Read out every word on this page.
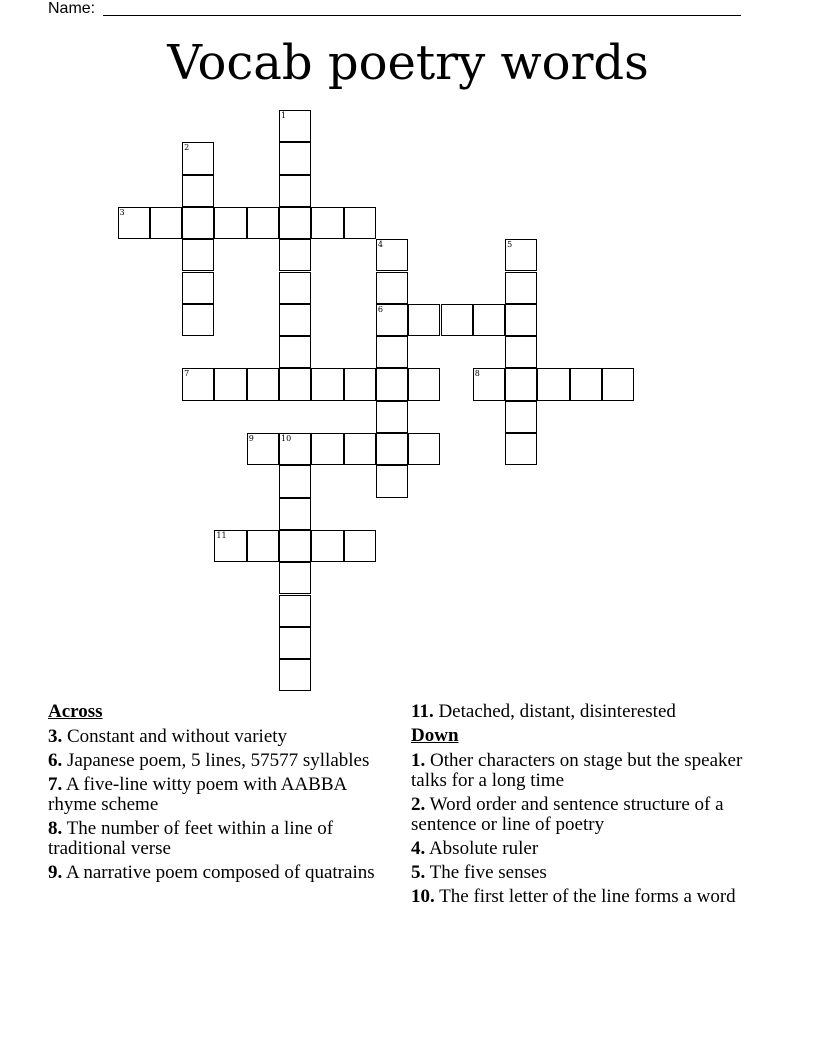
Name:
Vocab poetry words
1
2
3
4
6
5
7	8
9	10
11
Across
3. Constant and without variety
6. Japanese poem, 5 lines, 57577 syllables
7. A five-line witty poem with AABBA rhyme scheme
8. The number of feet within a line of traditional verse
9. A narrative poem composed of quatrains
11. Detached, distant, disinterested
Down
1. Other characters on stage but the speaker talks for a long time
2. Word order and sentence structure of a sentence or line of poetry
4. Absolute ruler
5. The five senses
10. The first letter of the line forms a word
